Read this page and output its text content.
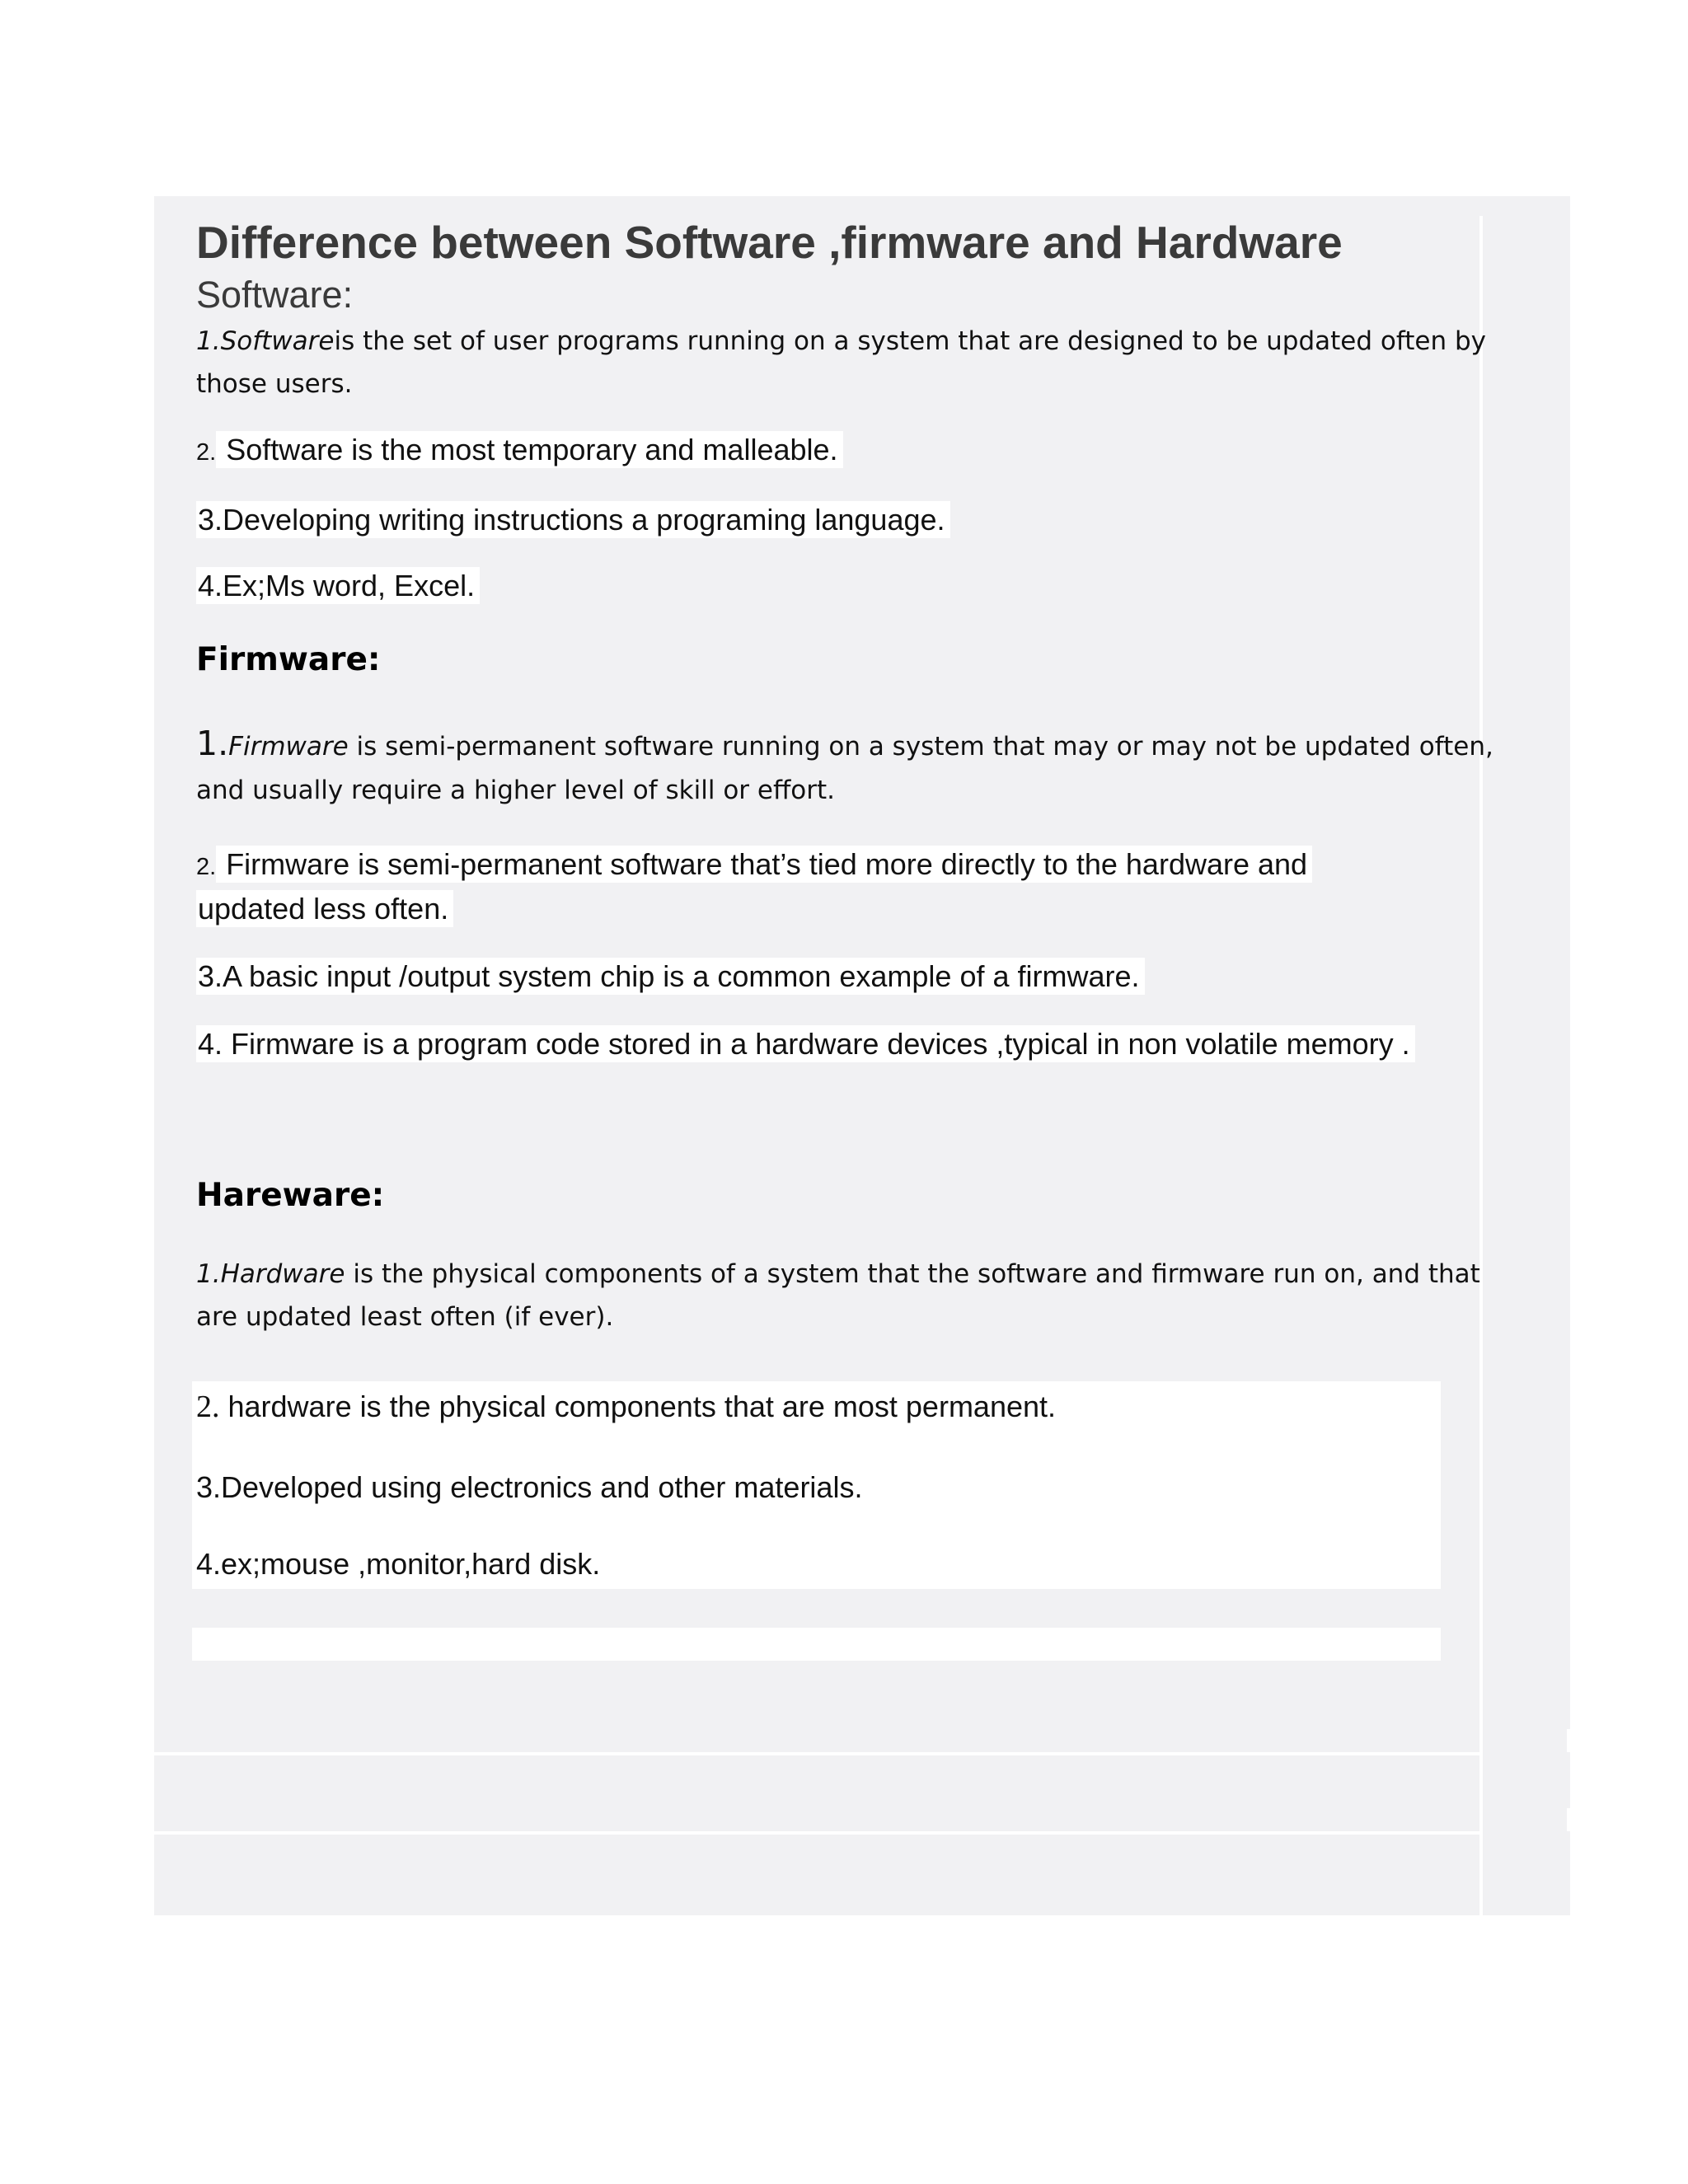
Difference between Software ,firmware and Hardware
Software:
1.Softwareis the set of user programs running on a system that are designed to be updated often by
those users.
2. Software is the most temporary and malleable.
3.Developing writing instructions a programing language.
4.Ex;Ms word, Excel.
Firmware:
1.Firmware is semi-permanent software running on a system that may or may not be updated often,
and usually require a higher level of skill or effort.
2. Firmware is semi-permanent software that’s tied more directly to the hardware and
updated less often.
3.A basic input /output system chip is a common example of a firmware.
4. Firmware is a program code stored in a hardware devices ,typical in non volatile memory .
Hareware:
1.Hardware is the physical components of a system that the software and firmware run on, and that
are updated least often (if ever).
2. hardware is the physical components that are most permanent.
3.Developed using electronics and other materials.
4.ex;mouse ,monitor,hard disk.
